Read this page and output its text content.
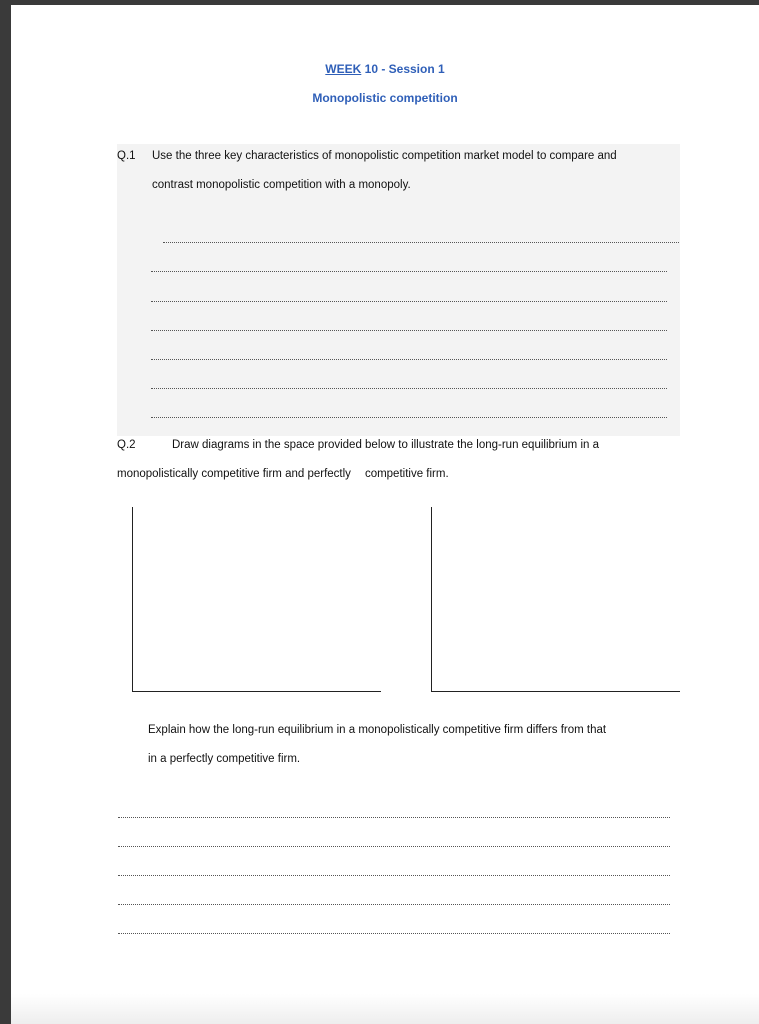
WEEK 10 - Session 1
Monopolistic competition
Q.1 Use the three key characteristics of monopolistic competition market model to compare and
contrast monopolistic competition with a monopoly.
Q.2	Draw diagrams in the space provided below to illustrate the long-run equilibrium in a
monopolistically competitive firm and perfectly competitive firm.
Explain how the long-run equilibrium in a monopolistically competitive firm differs from that
in a perfectly competitive firm.
